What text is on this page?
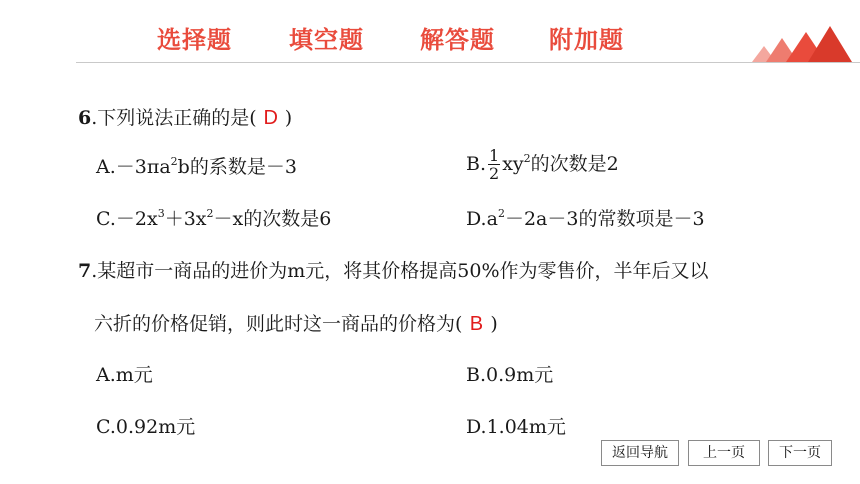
选择题 填空题 解答题 附加题
6.下列说法正确的是( D )
$A.-3\pi a^2b$的系数是－3	B. $\frac{1}{2} xy^2$的次数是2
$C.-2x^3+3x^2-x$的次数是6	$D.a^2-2a-3$的常数项是－3
7.某超市一商品的进价为m元，将其价格提高50%作为零售价，半年后又以
六折的价格促销，则此时这一商品的价格为( B )
A.m元	B.0.9m元
C.0.92m元	D.1.04m元
返回导航	上一页	下一页
